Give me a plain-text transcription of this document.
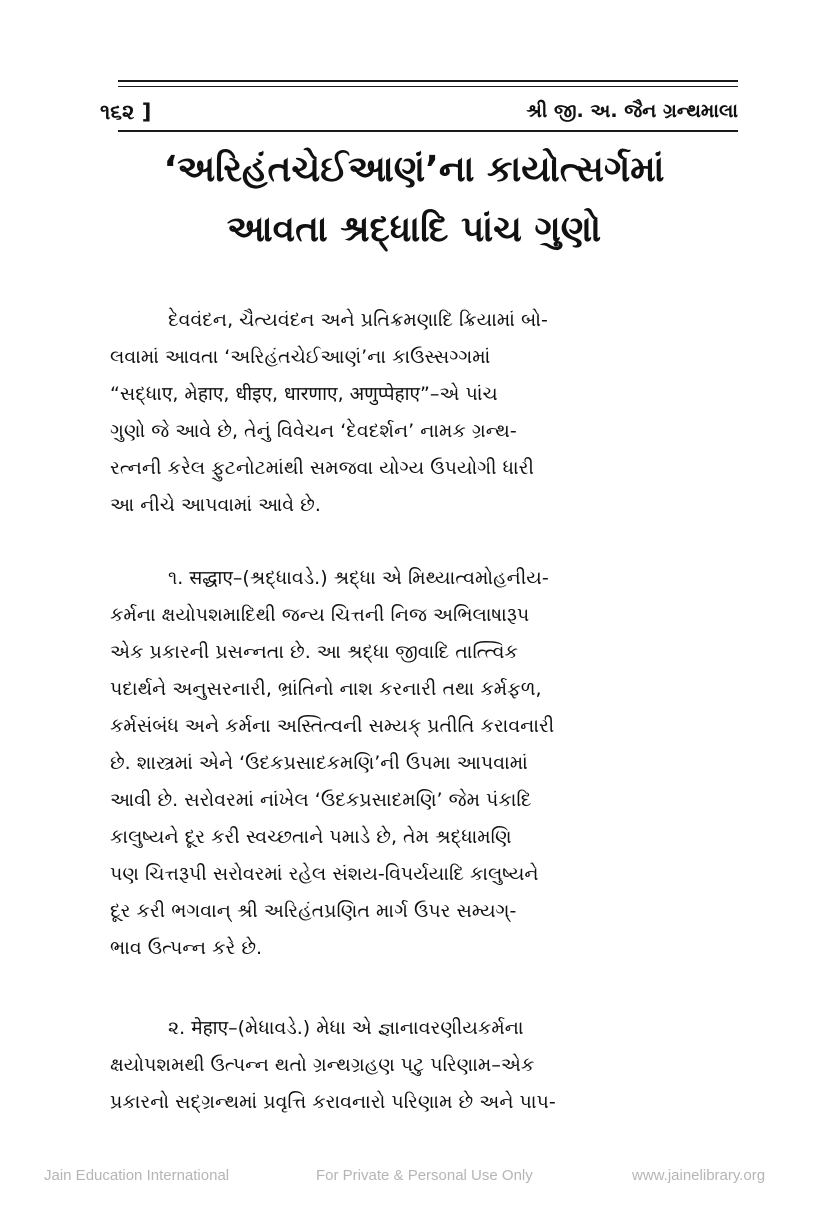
૧૬૨ ]	શ્રી જી. અ. જૈન ગ્રન્થમાલા
‘અરિહંતચેઈઆણં’ના કાયોત્સર્ગમાં
આવતા શ્રદ્ધાદિ પાંચ ગુણો
દેવવંદન, ચૈત્યવંદન અને પ્રતિક્રમણાદિ ક્રિયામાં બો-
લવામાં આવતા ‘અરિહંતચેઈઆણં’ના કાઉસ્સગ્ગમાં
“સદ્ધાए, મેहाए, धीइए, धारणाए, अणुप्पेहाए”–એ પાંચ
ગુણો જે આવે છે, તેનું વિવેચન ‘દેવદર્શન’ નામક ગ્રન્થ-
રત્નની કરેલ ફુટનોટમાંથી સમજવા યોગ્ય ઉપયોગી ધારી
આ નીચે આપવામાં આવે છે.
૧. सद्धाए–(શ્રદ્ધાવડે.) શ્રદ્ધા એ મિથ્યાત્વમોહનીય-
કર્મના ક્ષયોપશમાદિથી જન્ય ચિત્તની નિજ અભિલાષારૂપ
એક પ્રકારની પ્રસન્નતા છે. આ શ્રદ્ધા જીવાદિ તાત્ત્વિક
પદાર્થને અનુસરનારી, ભ્રાંતિનો નાશ કરનારી તથા કર્મફળ,
કર્મસંબંધ અને કર્મના અસ્તિત્વની સમ્યક્ પ્રતીતિ કરાવનારી
છે. શાસ્ત્રમાં એને ‘ઉદકપ્રસાદકમણિ’ની ઉપમા આપવામાં
આવી છે. સરોવરમાં નાંખેલ ‘ઉદકપ્રસાદમણિ’ જેમ પંકાદિ
કાલુષ્યને દૂર કરી સ્વચ્છતાને પમાડે છે, તેમ શ્રદ્ધામણિ
પણ ચિત્તરૂપી સરોવરમાં રહેલ સંશય-વિપર્યયાદિ કાલુષ્યને
દૂર કરી ભગવાન્ શ્રી અરિહંતપ્રણિત માર્ગ ઉપર સમ્યગ્-
ભાવ ઉત્પન્ન કરે છે.
૨. मेहाए–(મેધાવડે.) મેધા એ જ્ઞાનાવરણીયકર્મના
ક્ષયોપશમથી ઉત્પન્ન થતો ગ્રન્થગ્રહણ પટુ પરિણામ–એક
પ્રકારનો સદ્ગ્રન્થમાં પ્રવૃત્તિ કરાવનારો પરિણામ છે અને પાપ-
Jain Education International	For Private & Personal Use Only	www.jainelibrary.org
